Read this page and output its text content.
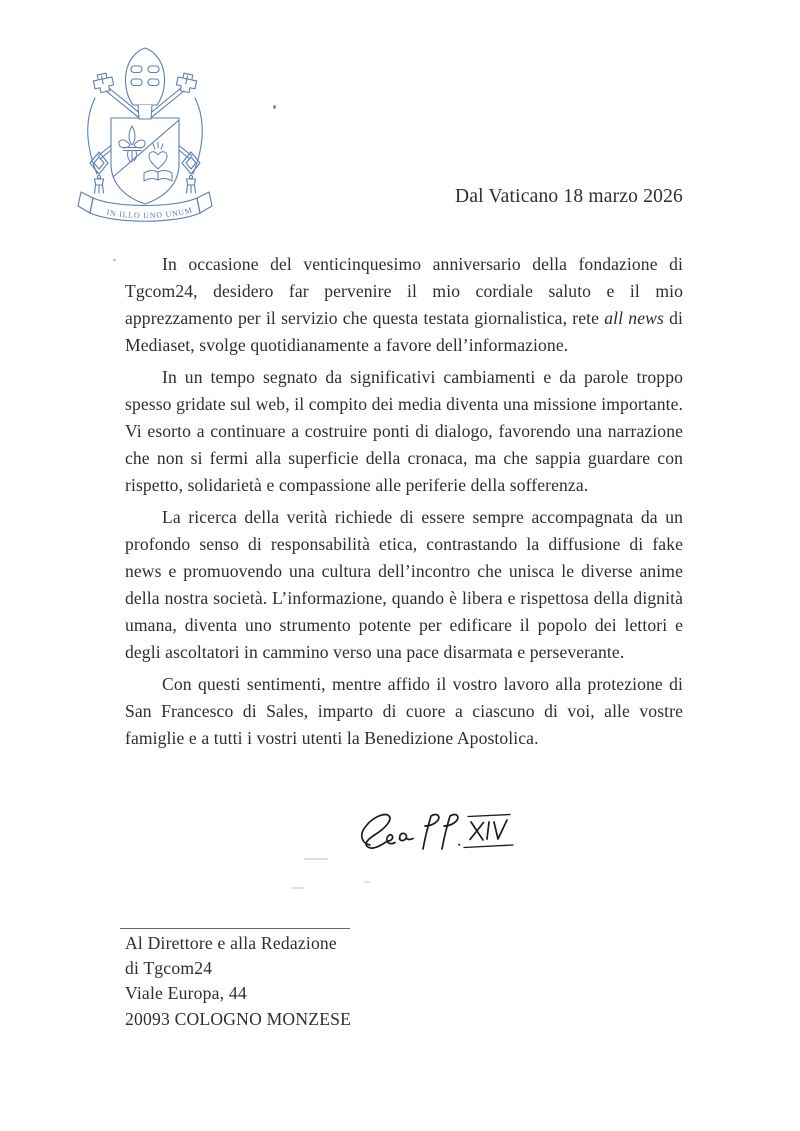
IN ILLO UNO UNUM
Dal Vaticano 18 marzo 2026

In occasione del venticinquesimo anniversario della fondazione di Tgcom24, desidero far pervenire il mio cordiale saluto e il mio apprezzamento per il servizio che questa testata giornalistica, rete all news di Mediaset, svolge quotidianamente a favore dell’informazione.

In un tempo segnato da significativi cambiamenti e da parole troppo spesso gridate sul web, il compito dei media diventa una missione importante. Vi esorto a continuare a costruire ponti di dialogo, favorendo una narrazione che non si fermi alla superficie della cronaca, ma che sappia guardare con rispetto, solidarietà e compassione alle periferie della sofferenza.

La ricerca della verità richiede di essere sempre accompagnata da un profondo senso di responsabilità etica, contrastando la diffusione di fake news e promuovendo una cultura dell’incontro che unisca le diverse anime della nostra società. L’informazione, quando è libera e rispettosa della dignità umana, diventa uno strumento potente per edificare il popolo dei lettori e degli ascoltatori in cammino verso una pace disarmata e perseverante.

Con questi sentimenti, mentre affido il vostro lavoro alla protezione di San Francesco di Sales, imparto di cuore a ciascuno di voi, alle vostre famiglie e a tutti i vostri utenti la Benedizione Apostolica.

Al Direttore e alla Redazione
di Tgcom24
Viale Europa, 44
20093 COLOGNO MONZESE
